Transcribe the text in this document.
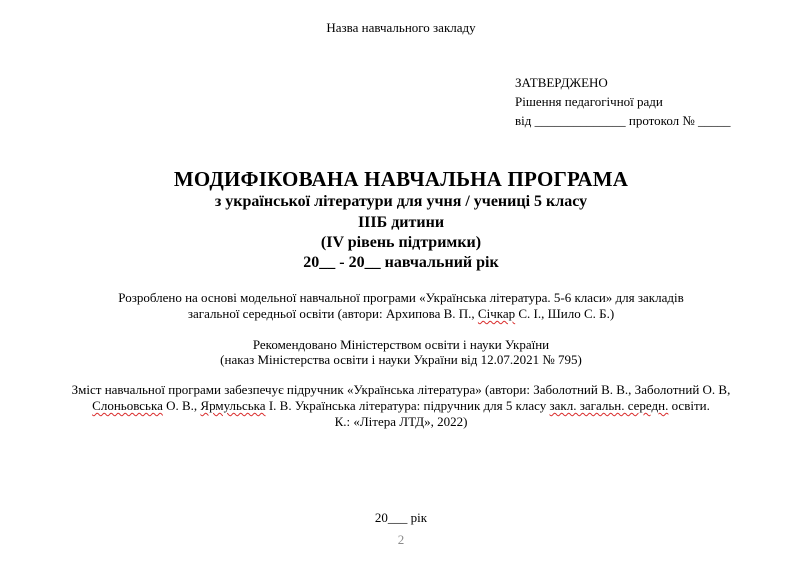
Назва навчального закладу
ЗАТВЕРДЖЕНО
Рішення педагогічної ради
від ______________ протокол № _____
МОДИФІКОВАНА НАВЧАЛЬНА ПРОГРАМА
з української літератури для учня / учениці 5 класу
ІІІБ дитини
(ІV рівень підтримки)
20__ - 20__ навчальний рік
Розроблено на основі модельної навчальної програми «Українська література. 5-6 класи» для закладів
загальної середньої освіти (автори: Архипова В. П., Січкар С. І., Шило С. Б.)
Рекомендовано Міністерством освіти і науки України
(наказ Міністерства освіти і науки України від 12.07.2021 № 795)
Зміст навчальної програми забезпечує підручник «Українська література» (автори: Заболотний В. В., Заболотний О. В,
Слоньовська О. В., Ярмульська І. В. Українська література: підручник для 5 класу закл. загальн. середн. освіти.
К.: «Літера ЛТД», 2022)
20___ рік
2
